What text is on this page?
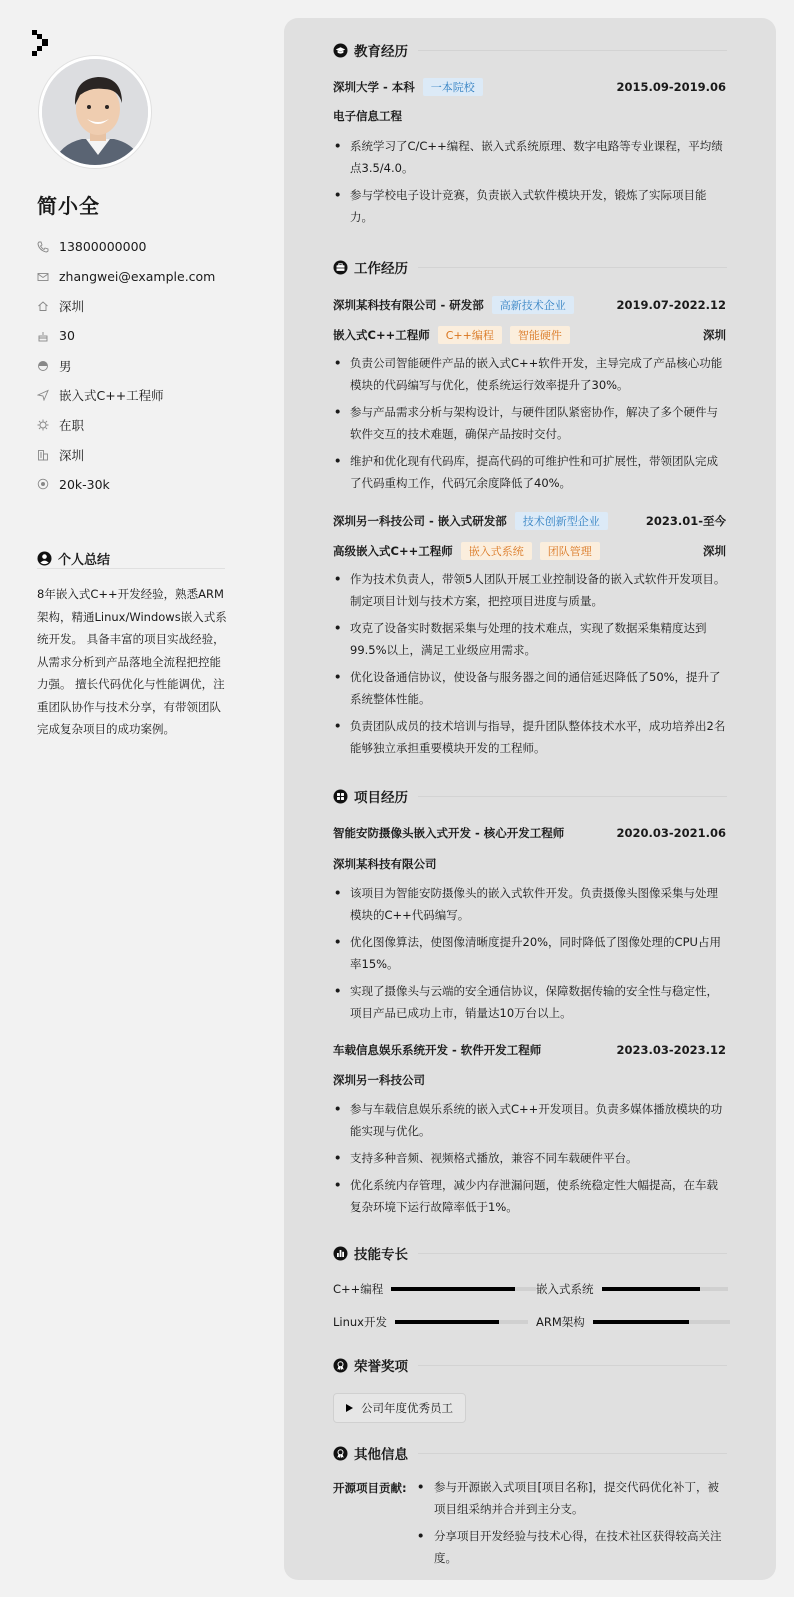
简小全
13800000000
zhangwei@example.com
深圳
30
男
嵌入式C++工程师
在职
深圳
20k-30k
个人总结
8年嵌入式C++开发经验，熟悉ARM架构，精通Linux/Windows嵌入式系统开发。 具备丰富的项目实战经验，从需求分析到产品落地全流程把控能力强。 擅长代码优化与性能调优，注重团队协作与技术分享，有带领团队完成复杂项目的成功案例。
教育经历
深圳大学 - 本科	一本院校	2015.09-2019.06
电子信息工程
• 系统学习了C/C++编程、嵌入式系统原理、数字电路等专业课程，平均绩点3.5/4.0。
• 参与学校电子设计竞赛，负责嵌入式软件模块开发，锻炼了实际项目能力。
工作经历
深圳某科技有限公司 - 研发部	高新技术企业	2019.07-2022.12
嵌入式C++工程师	C++编程	智能硬件	深圳
• 负责公司智能硬件产品的嵌入式C++软件开发，主导完成了产品核心功能模块的代码编写与优化，使系统运行效率提升了30%。
• 参与产品需求分析与架构设计，与硬件团队紧密协作，解决了多个硬件与软件交互的技术难题，确保产品按时交付。
• 维护和优化现有代码库，提高代码的可维护性和可扩展性，带领团队完成了代码重构工作，代码冗余度降低了40%。
深圳另一科技公司 - 嵌入式研发部	技术创新型企业	2023.01-至今
高级嵌入式C++工程师	嵌入式系统	团队管理	深圳
• 作为技术负责人，带领5人团队开展工业控制设备的嵌入式软件开发项目。制定项目计划与技术方案，把控项目进度与质量。
• 攻克了设备实时数据采集与处理的技术难点，实现了数据采集精度达到99.5%以上，满足工业级应用需求。
• 优化设备通信协议，使设备与服务器之间的通信延迟降低了50%，提升了系统整体性能。
• 负责团队成员的技术培训与指导，提升团队整体技术水平，成功培养出2名能够独立承担重要模块开发的工程师。
项目经历
智能安防摄像头嵌入式开发 - 核心开发工程师	2020.03-2021.06
深圳某科技有限公司
• 该项目为智能安防摄像头的嵌入式软件开发。负责摄像头图像采集与处理模块的C++代码编写。
• 优化图像算法，使图像清晰度提升20%，同时降低了图像处理的CPU占用率15%。
• 实现了摄像头与云端的安全通信协议，保障数据传输的安全性与稳定性，项目产品已成功上市，销量达10万台以上。
车载信息娱乐系统开发 - 软件开发工程师	2023.03-2023.12
深圳另一科技公司
• 参与车载信息娱乐系统的嵌入式C++开发项目。负责多媒体播放模块的功能实现与优化。
• 支持多种音频、视频格式播放，兼容不同车载硬件平台。
• 优化系统内存管理，减少内存泄漏问题，使系统稳定性大幅提高，在车载复杂环境下运行故障率低于1%。
技能专长
C++编程	嵌入式系统
Linux开发	ARM架构
荣誉奖项
公司年度优秀员工
其他信息
开源项目贡献:
•	参与开源嵌入式项目[项目名称]，提交代码优化补丁，被项目组采纳并合并到主分支。
• 分享项目开发经验与技术心得，在技术社区获得较高关注度。
